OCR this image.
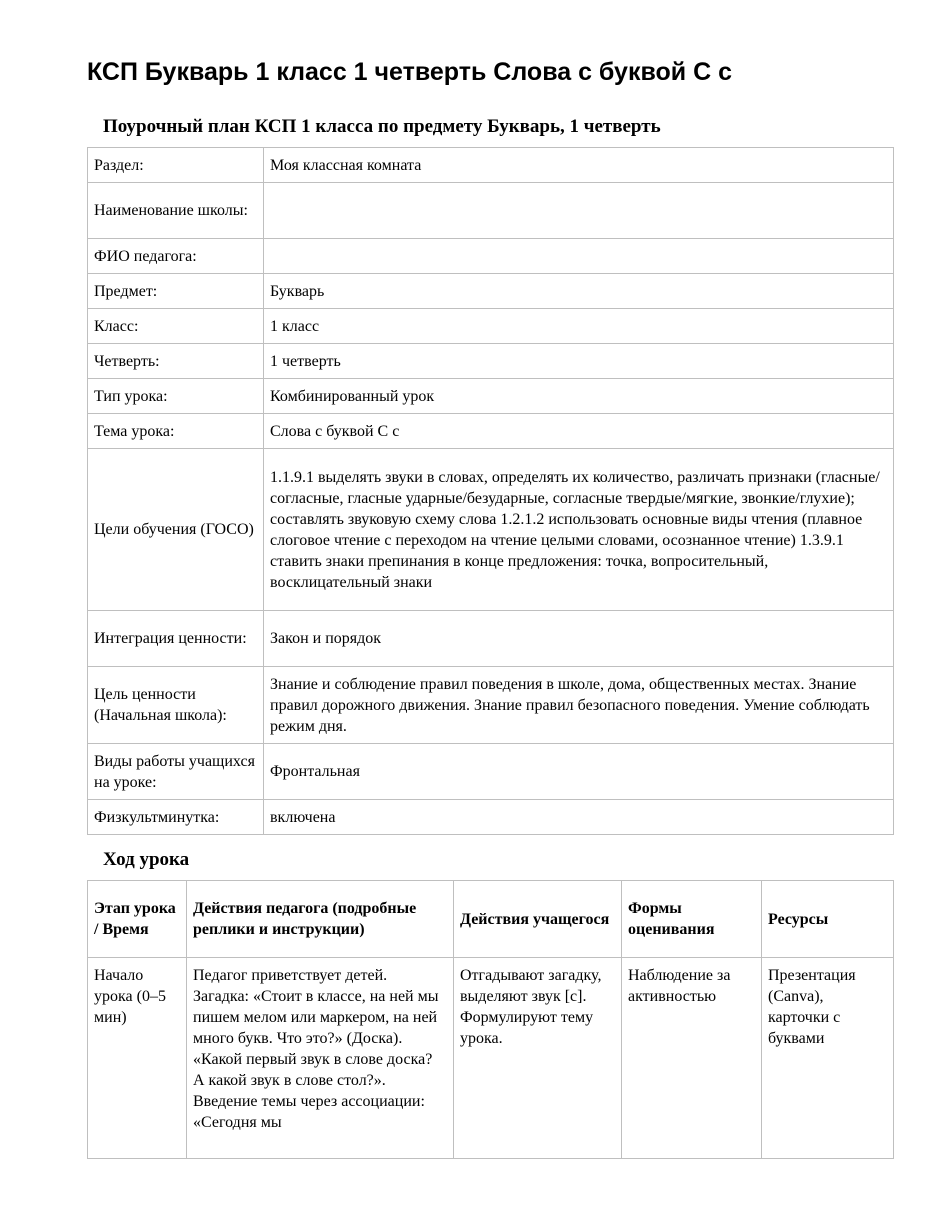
КСП Букварь 1 класс 1 четверть Слова с буквой С с
Поурочный план КСП 1 класса по предмету Букварь, 1 четверть
Раздел:	Моя классная комната
Наименование школы:	
ФИО педагога:	
Предмет:	Букварь
Класс:	1 класс
Четверть:	1 четверть
Тип урока:	Комбинированный урок
Тема урока:	Слова с буквой С с
Цели обучения (ГОСО)	1.1.9.1 выделять звуки в словах, определять их количество, различать признаки (гласные/ согласные, гласные ударные/безударные, согласные твердые/мягкие, звонкие/глухие); составлять звуковую схему слова 1.2.1.2 использовать основные виды чтения (плавное слоговое чтение с переходом на чтение целыми словами, осознанное чтение) 1.3.9.1 ставить знаки препинания в конце предложения: точка, вопросительный, восклицательный знаки
Интеграция ценности:	Закон и порядок
Цель ценности (Начальная школа):	Знание и соблюдение правил поведения в школе, дома, общественных местах. Знание правил дорожного движения. Знание правил безопасного поведения. Умение соблюдать режим дня.
Виды работы учащихся на уроке:	Фронтальная
Физкультминутка:	включена
Ход урока
Этап урока / Время	Действия педагога (подробные реплики и инструкции)	Действия учащегося	Формы оценивания	Ресурсы
Начало урока (0–5 мин)	Педагог приветствует детей. Загадка: «Стоит в классе, на ней мы пишем мелом или маркером, на ней много букв. Что это?» (Доска). «Какой первый звук в слове доска? А какой звук в слове стол?». Введение темы через ассоциации: «Сегодня мы	Отгадывают загадку, выделяют звук [с]. Формулируют тему урока.	Наблюдение за активностью	Презентация (Canva), карточки с буквами
